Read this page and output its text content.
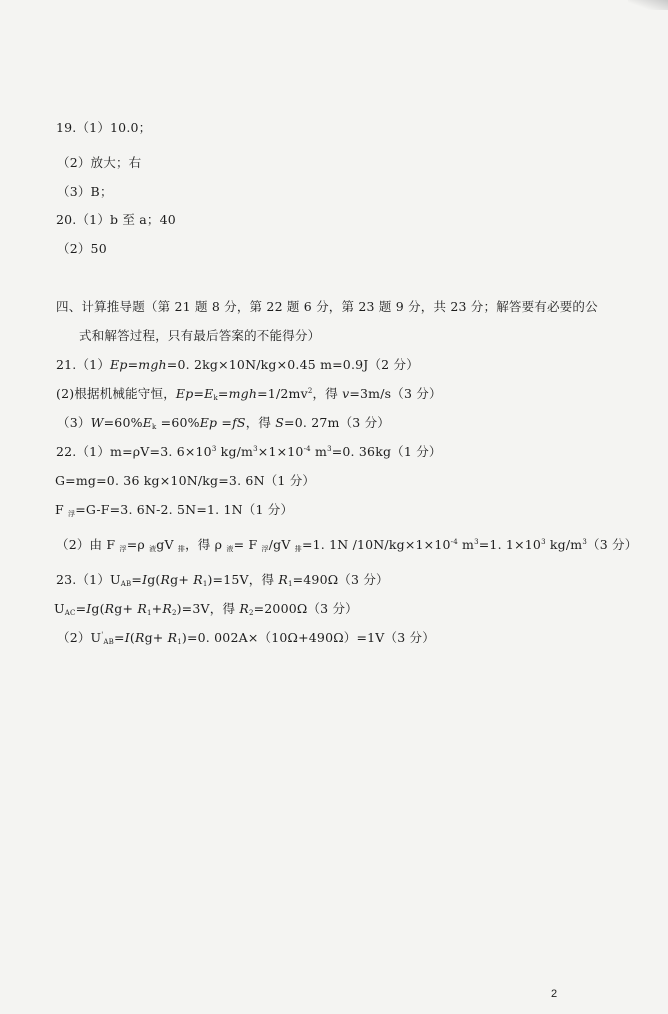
19.（1）10.0；
（2）放大；右
（3）B；
20.（1）b 至 a；40
（2）50
四、计算推导题（第 21 题 8 分，第 22 题 6 分，第 23 题 9 分，共 23 分；解答要有必要的公
式和解答过程，只有最后答案的不能得分）
21.（1）Ep=mgh=0. 2kg×10N/kg×0.45 m=0.9J（2 分）
(2)根据机械能守恒，$Ep=E_k=mgh=1/2mv^2$，得 v=3m/s（3 分）
$(3)W=60\%E_k =60\%Ep =fS$，得 S=0. 27m（3 分）
22.（1）m=ρV=3. $6\times 10^3$ $kg/m^3\times 1\times 10^{-4}$ $m^3=0$. 36kg（1 分）
G=mg=0. 36 kg×10N/kg=3. 6N（1 分）
F $_浮$=G-F=3. 6N-2. 5N=1. 1N（1 分）
（2）由 F $_浮$=ρ $_液$gV $_排$，得 ρ $_液$= F $_浮$/gV $_排$=1. 1N $/10N/kg\times 1\times 10^{-4}$ $m^3=1$. $1\times 10^3$ $kg/m^3(3$ 分）
$23.(1)U_{AB}=Ig(Rg+ R_1)=15V$，得 $R_1=490\Omega(3$ 分）
$U_{AC}=Ig(Rg+ R_1+R_2)=3V$，得 $R_2=2000\Omega(3$ 分）
$(2)U'_{AB}=I(Rg+ R_1)=0$. 002A×（10Ω+490Ω）=1V（3 分）
2
